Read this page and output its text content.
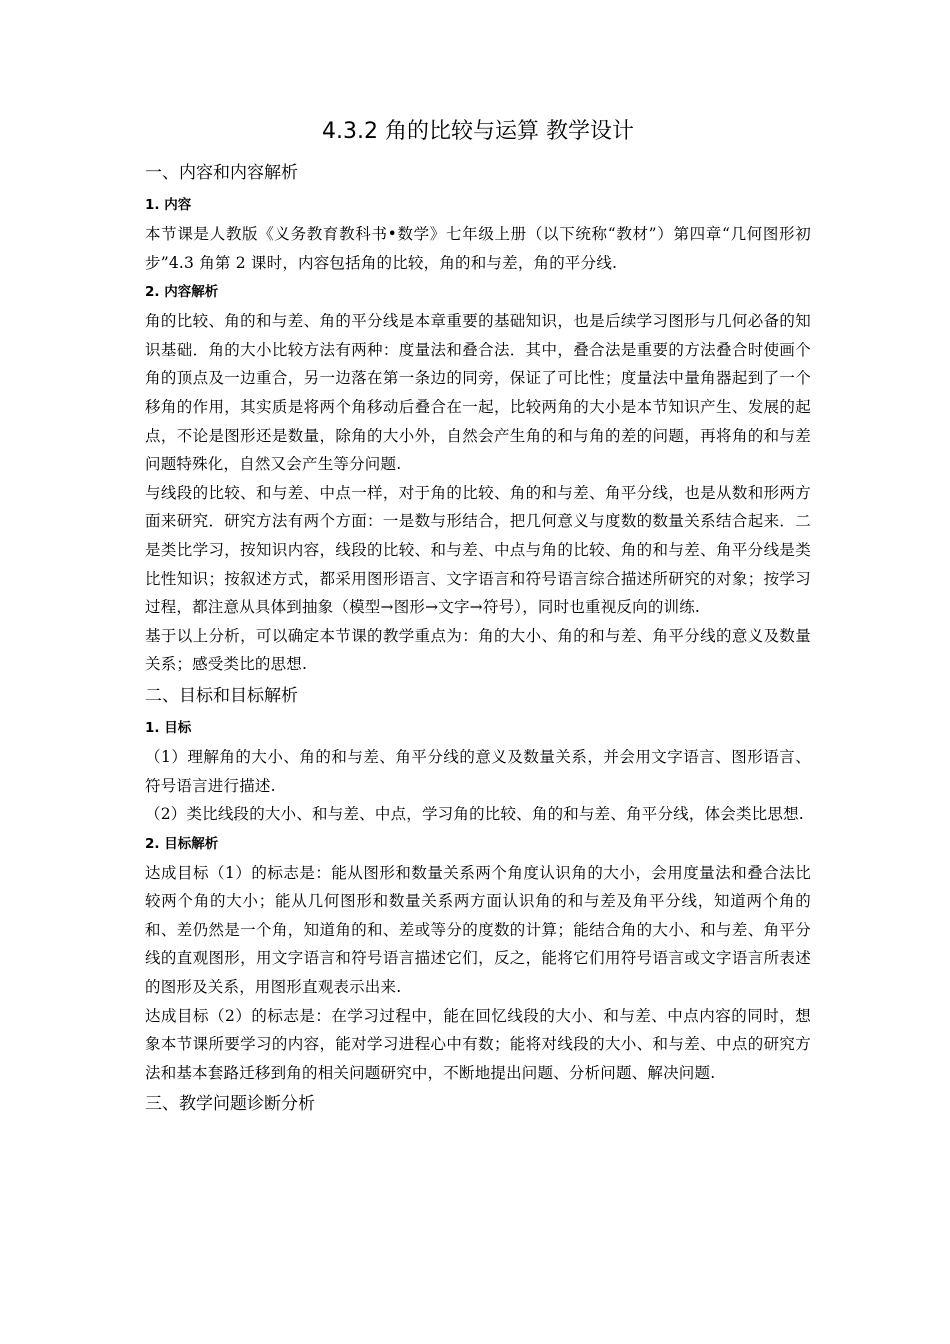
4.3.2 角的比较与运算 教学设计
一、内容和内容解析
1. 内容

本节课是人教版《义务教育教科书•数学》七年级上册（以下统称“教材”）第四章“几何图形初步”4.3 角第 2 课时，内容包括角的比较，角的和与差，角的平分线.

2. 内容解析

角的比较、角的和与差、角的平分线是本章重要的基础知识，也是后续学习图形与几何必备的知识基础．角的大小比较方法有两种：度量法和叠合法．其中，叠合法是重要的方法叠合时使画个角的顶点及一边重合，另一边落在第一条边的同旁，保证了可比性；度量法中量角器起到了一个移角的作用，其实质是将两个角移动后叠合在一起，比较两角的大小是本节知识产生、发展的起点，不论是图形还是数量，除角的大小外，自然会产生角的和与角的差的问题，再将角的和与差问题特殊化，自然又会产生等分问题.

与线段的比较、和与差、中点一样，对于角的比较、角的和与差、角平分线，也是从数和形两方面来研究．研究方法有两个方面：一是数与形结合，把几何意义与度数的数量关系结合起来．二是类比学习，按知识内容，线段的比较、和与差、中点与角的比较、角的和与差、角平分线是类比性知识；按叙述方式，都采用图形语言、文字语言和符号语言综合描述所研究的对象；按学习过程，都注意从具体到抽象（模型→图形→文字→符号），同时也重视反向的训练.

基于以上分析，可以确定本节课的教学重点为：角的大小、角的和与差、角平分线的意义及数量关系；感受类比的思想.

二、目标和目标解析
1. 目标

（1）理解角的大小、角的和与差、角平分线的意义及数量关系，并会用文字语言、图形语言、符号语言进行描述.

（2）类比线段的大小、和与差、中点，学习角的比较、角的和与差、角平分线，体会类比思想.

2. 目标解析

达成目标（1）的标志是：能从图形和数量关系两个角度认识角的大小，会用度量法和叠合法比较两个角的大小；能从几何图形和数量关系两方面认识角的和与差及角平分线，知道两个角的和、差仍然是一个角，知道角的和、差或等分的度数的计算；能结合角的大小、和与差、角平分线的直观图形，用文字语言和符号语言描述它们，反之，能将它们用符号语言或文字语言所表述的图形及关系，用图形直观表示出来.

达成目标（2）的标志是：在学习过程中，能在回忆线段的大小、和与差、中点内容的同时，想象本节课所要学习的内容，能对学习进程心中有数；能将对线段的大小、和与差、中点的研究方法和基本套路迁移到角的相关问题研究中，不断地提出问题、分析问题、解决问题.

三、教学问题诊断分析
